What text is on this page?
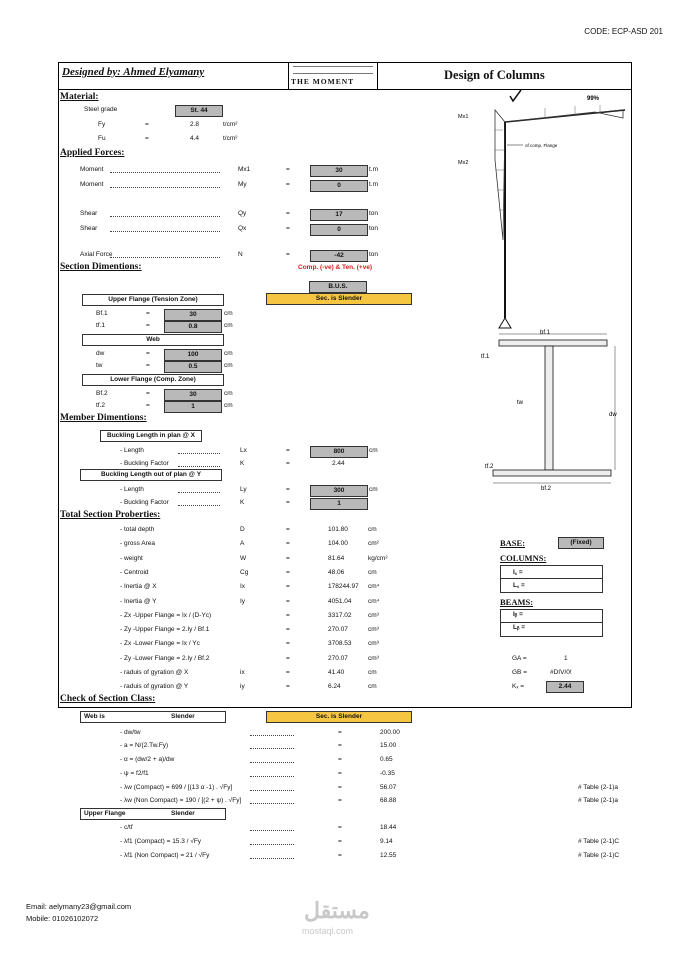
CODE: ECP-ASD 201
Designed by: Ahmed Elyamany
THE MOMENT	Design of Columns
Material:
Steel grade	St. 44
Fy	=	2.8	t/cm²
Fu	=	4.4	t/cm²
Applied Forces:
Comp. (-ve) & Ten. (+ve)
Section Dimentions:
B.U.S.
Sec. is Slender
Upper Flange (Tension Zone)
Web
Lower Flange (Comp. Zone)
Member Dimentions:
Buckling Length in plan @ X
Buckling Length out of plan @ Y
Total Section Proberties:
BASE:	(Fixed)
COLUMNS:
I꜀ =
L꜀ =
BEAMS:
Iᵦ =
Lᵦ =
GA =	1
GB =	#DIV/0!
Kₓ =	2.44
Check of Section Class:
Web is	Slender	Sec. is Slender
Upper Flange	Slender
99%
Mx1
Mx2
of comp. Flange
bf.1
tf.1
tw
dw
tf.2
bf.2
Email: aelymany23@gmail.com
Mobile: 01026102072	مستقل
mostaql.com
Moment	Mx1	=	30	t.m
Moment	My	=	0	t.m
Shear	Qy	=	17	ton
Shear	Qx	=	0	ton
Axial Force	N	=	-42	ton
Bf.1	=	30	cm
tf.1	=	0.8	cm
dw	=	100	cm
tw	=	0.5	cm
Bf.2	=	30	cm
tf.2	=	1	cm
- Length	Lx	=	800	cm
- Buckling Factor	K	=	2.44
- Length	Ly	=	300	cm
- Buckling Factor	K	=	1
- total depth	D	=	101.80	cm
- gross Area	A	=	104.00	cm²
- weight	W	=	81.64	kg/cm²
- Centroid	Cg	=	48.06	cm
- Inertia @ X	Ix	=	178244.97 cm⁴
- Inertia @ Y	Iy	=	4051.04	cm⁴
- Zx -Upper Flange = Ix / (D-Yc)	=	3317.02	cm³
- Zy -Upper Flange = 2.Iy / Bf.1	=	270.07	cm³
- Zx -Lower Flange = Ix / Yc	=	3708.53	cm³
- Zy -Lower Flange = 2.Iy / Bf.2	=	270.07	cm³
- raduis of gyration @ X	ix	=	41.40	cm
- raduis of gyration @ Y	iy	=	6.24	cm
- dw/tw	=	200.00
- a = N/(2.Tw.Fy)	=	15.00
- α = (dw/2 + a)/dw	=	0.65
- ψ = f2/f1	=	-0.35
- λw (Compact) = 699 / [(13 α -1) . √Fy]	=	56.07	# Table (2-1)a
- λw (Non Compact) = 190 / [(2 + ψ) . √Fy]	=	68.88	# Table (2-1)a
- c/tf	=	18.44
- λf1 (Compact) = 15.3 / √Fy	=	9.14	# Table (2-1)C
- λf1 (Non Compact) = 21 / √Fy	=	12.55	# Table (2-1)C
